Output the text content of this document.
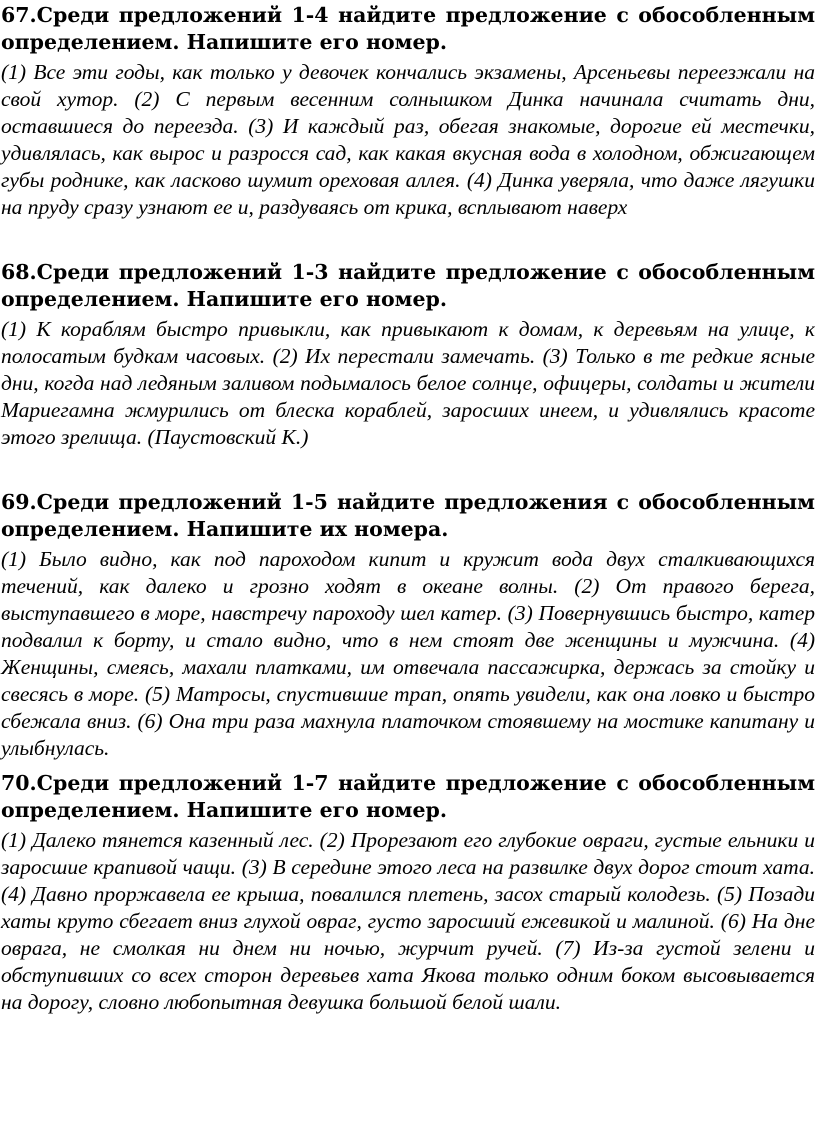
67.Среди предложений 1-4 найдите предложение с обособленным определением. Напишите его номер.

(1) Все эти годы, как только у девочек кончались экзамены, Арсеньевы переезжали на свой хутор. (2) С первым весенним солнышком Динка начинала считать дни, оставшиеся до переезда. (3) И каждый раз, обегая знакомые, дорогие ей местечки, удивлялась, как вырос и разросся сад, как какая вкусная вода в холодном, обжигающем губы роднике, как ласково шумит ореховая аллея. (4) Динка уверяла, что даже лягушки на пруду сразу узнают ее и, раздуваясь от крика, всплывают наверх

68.Среди предложений 1-3 найдите предложение с обособленным определением. Напишите его номер.

(1) К кораблям быстро привыкли, как привыкают к домам, к деревьям на улице, к полосатым будкам часовых. (2) Их перестали замечать. (3) Только в те редкие ясные дни, когда над ледяным заливом подымалось белое солнце, офицеры, солдаты и жители Мариегамна жмурились от блеска кораблей, заросших инеем, и удивлялись красоте этого зрелища. (Паустовский К.)

69.Среди предложений 1-5 найдите предложения с обособленным определением. Напишите их номера.

(1) Было видно, как под пароходом кипит и кружит вода двух сталкивающихся течений, как далеко и грозно ходят в океане волны. (2) От правого берега, выступавшего в море, навстречу пароходу шел катер. (3) Повернувшись быстро, катер подвалил к борту, и стало видно, что в нем стоят две женщины и мужчина. (4) Женщины, смеясь, махали платками, им отвечала пассажирка, держась за стойку и свесясь в море. (5) Матросы, спустившие трап, опять увидели, как она ловко и быстро сбежала вниз. (6) Она три раза махнула платочком стоявшему на мостике капитану и улыбнулась.

70.Среди предложений 1-7 найдите предложение с обособленным определением. Напишите его номер.

(1) Далеко тянется казенный лес. (2) Прорезают его глубокие овраги, густые ельники и заросшие крапивой чащи. (3) В середине этого леса на развилке двух дорог стоит хата. (4) Давно проржавела ее крыша, повалился плетень, засох старый колодезь. (5) Позади хаты круто сбегает вниз глухой овраг, густо заросший ежевикой и малиной. (6) На дне оврага, не смолкая ни днем ни ночью, журчит ручей. (7) Из-за густой зелени и обступивших со всех сторон деревьев хата Якова только одним боком высовывается на дорогу, словно любопытная девушка большой белой шали.
